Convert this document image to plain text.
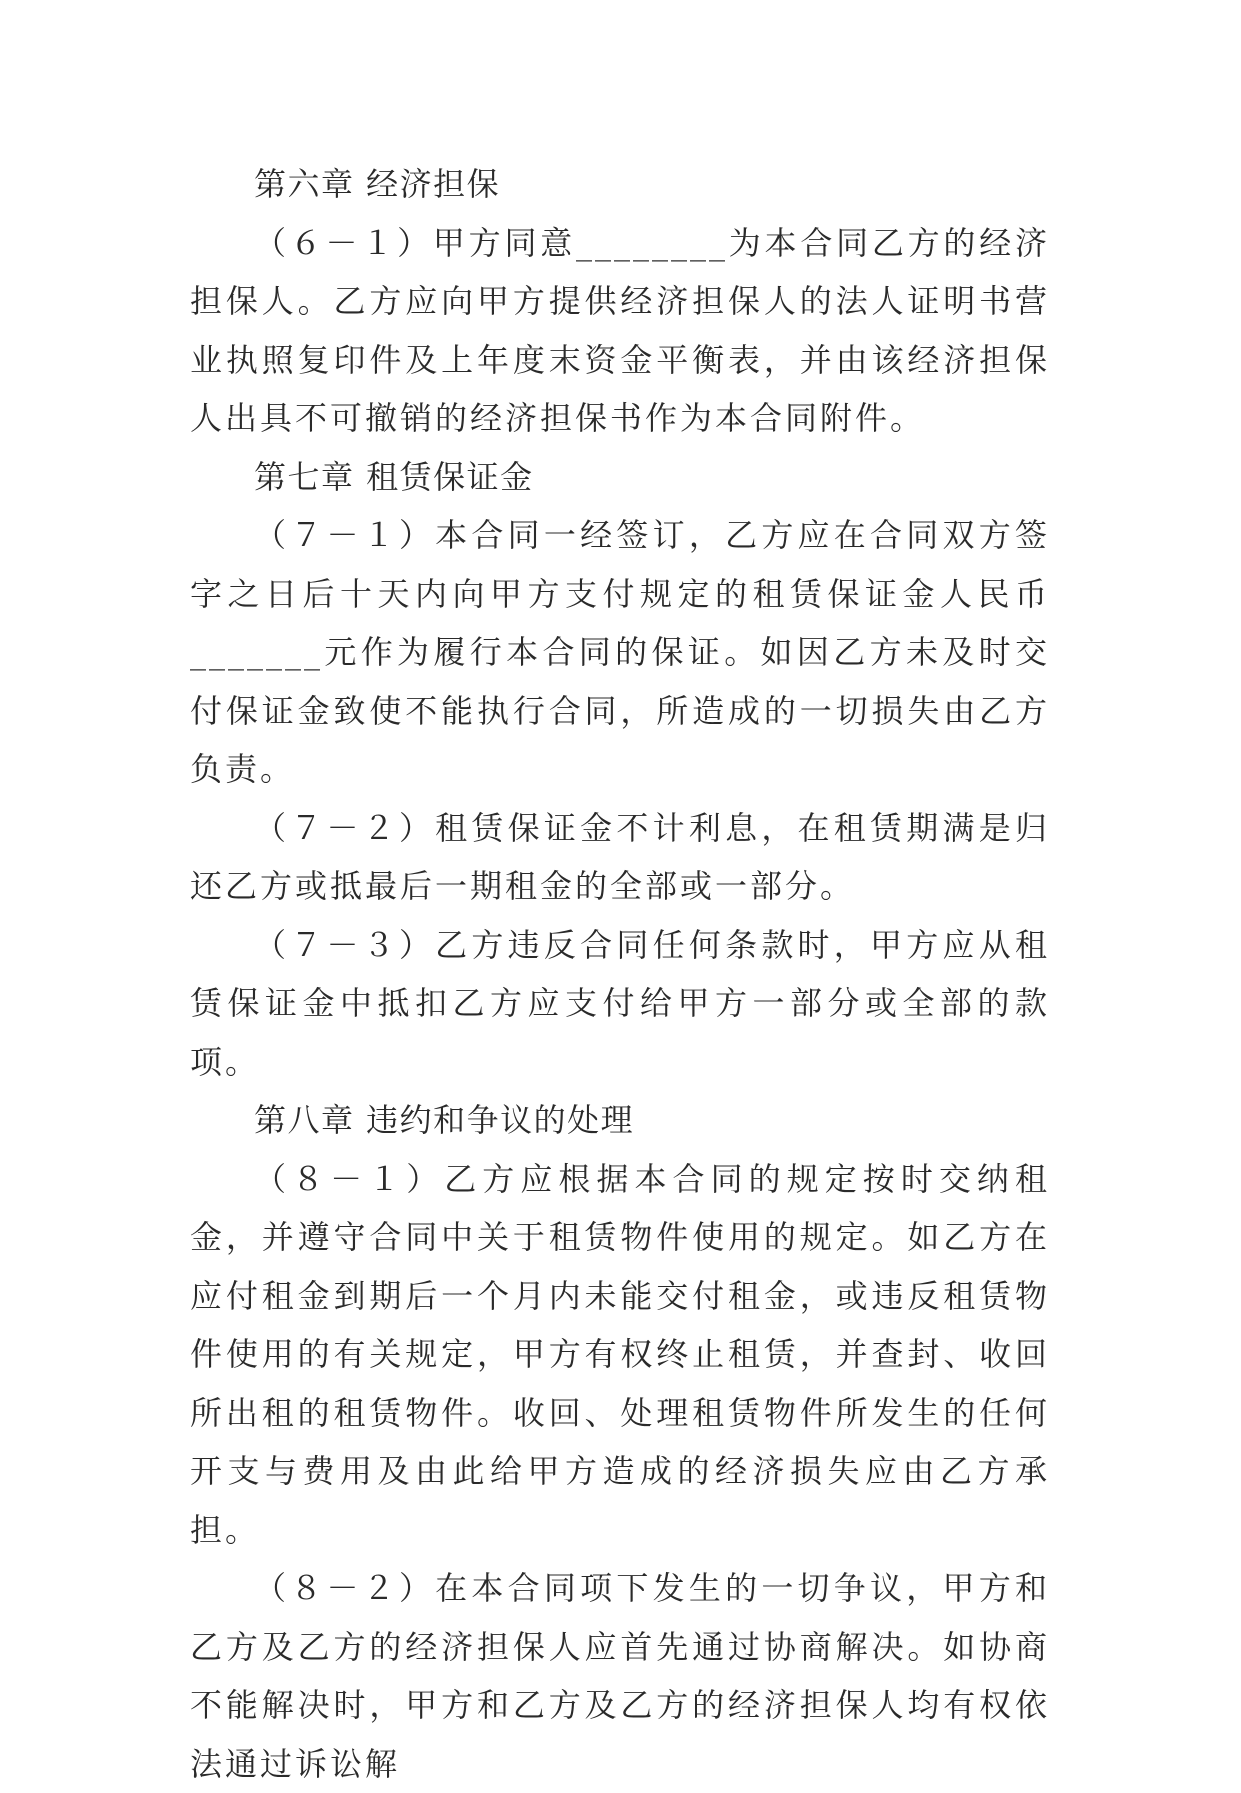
第六章 经济担保

（６－１）甲方同意________为本合同乙方的经济担保人。乙方应向甲方提供经济担保人的法人证明书营业执照复印件及上年度末资金平衡表，并由该经济担保人出具不可撤销的经济担保书作为本合同附件。

第七章 租赁保证金

（７－１）本合同一经签订，乙方应在合同双方签字之日后十天内向甲方支付规定的租赁保证金人民币_______元作为履行本合同的保证。如因乙方未及时交付保证金致使不能执行合同，所造成的一切损失由乙方负责。

（７－２）租赁保证金不计利息，在租赁期满是归还乙方或抵最后一期租金的全部或一部分。

（７－３）乙方违反合同任何条款时，甲方应从租赁保证金中抵扣乙方应支付给甲方一部分或全部的款项。

第八章 违约和争议的处理

（８－１）乙方应根据本合同的规定按时交纳租金，并遵守合同中关于租赁物件使用的规定。如乙方在应付租金到期后一个月内未能交付租金，或违反租赁物件使用的有关规定，甲方有权终止租赁，并查封、收回所出租的租赁物件。收回、处理租赁物件所发生的任何开支与费用及由此给甲方造成的经济损失应由乙方承担。

（８－２）在本合同项下发生的一切争议，甲方和乙方及乙方的经济担保人应首先通过协商解决。如协商不能解决时，甲方和乙方及乙方的经济担保人均有权依法通过诉讼解
